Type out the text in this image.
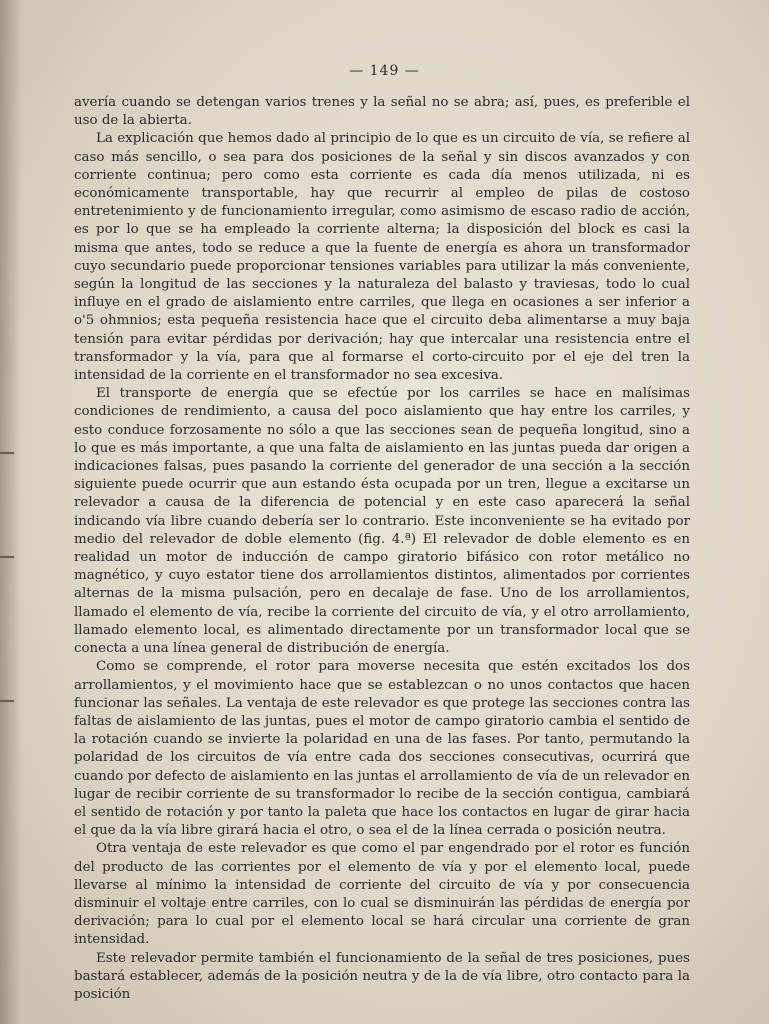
— 149 —

avería cuando se detengan varios trenes y la señal no se abra; así, pues, es preferible el uso de la abierta.

La explicación que hemos dado al principio de lo que es un circuito de vía, se refiere al caso más sencillo, o sea para dos posiciones de la señal y sin discos avanzados y con corriente continua; pero como esta corriente es cada día menos utilizada, ni es económicamente transportable, hay que recurrir al empleo de pilas de costoso entretenimiento y de funcionamiento irregular, como asimismo de escaso radio de acción, es por lo que se ha empleado la corriente alterna; la disposición del block es casi la misma que antes, todo se reduce a que la fuente de energía es ahora un transformador cuyo secundario puede proporcionar tensiones variables para utilizar la más conveniente, según la longitud de las secciones y la naturaleza del balasto y traviesas, todo lo cual influye en el grado de aislamiento entre carriles, que llega en ocasiones a ser inferior a o'5 ohmnios; esta pequeña resistencia hace que el circuito deba alimentarse a muy baja tensión para evitar pérdidas por derivación; hay que intercalar una resistencia entre el transformador y la vía, para que al formarse el corto-circuito por el eje del tren la intensidad de la corriente en el transformador no sea excesiva.

El transporte de energía que se efectúe por los carriles se hace en malísimas condiciones de rendimiento, a causa del poco aislamiento que hay entre los carriles, y esto conduce forzosamente no sólo a que las secciones sean de pequeña longitud, sino a lo que es más importante, a que una falta de aislamiento en las juntas pueda dar origen a indicaciones falsas, pues pasando la corriente del generador de una sección a la sección siguiente puede ocurrir que aun estando ésta ocupada por un tren, llegue a excitarse un relevador a causa de la diferencia de potencial y en este caso aparecerá la señal indicando vía libre cuando debería ser lo contrario. Este inconveniente se ha evitado por medio del relevador de doble elemento (fig. 4.ª) El relevador de doble elemento es en realidad un motor de inducción de campo giratorio bifásico con rotor metálico no magnético, y cuyo estator tiene dos arrollamientos distintos, alimentados por corrientes alternas de la misma pulsación, pero en decalaje de fase. Uno de los arrollamientos, llamado el elemento de vía, recibe la corriente del circuito de vía, y el otro arrollamiento, llamado elemento local, es alimentado directamente por un transformador local que se conecta a una línea general de distribución de energía.

Como se comprende, el rotor para moverse necesita que estén excitados los dos arrollamientos, y el movimiento hace que se establezcan o no unos contactos que hacen funcionar las señales. La ventaja de este relevador es que protege las secciones contra las faltas de aislamiento de las juntas, pues el motor de campo giratorio cambia el sentido de la rotación cuando se invierte la polaridad en una de las fases. Por tanto, permutando la polaridad de los circuitos de vía entre cada dos secciones consecutivas, ocurrirá que cuando por defecto de aislamiento en las juntas el arrollamiento de vía de un relevador en lugar de recibir corriente de su transformador lo recibe de la sección contigua, cambiará el sentido de rotación y por tanto la paleta que hace los contactos en lugar de girar hacia el que da la vía libre girará hacia el otro, o sea el de la línea cerrada o posición neutra.

Otra ventaja de este relevador es que como el par engendrado por el rotor es función del producto de las corrientes por el elemento de vía y por el elemento local, puede llevarse al mínimo la intensidad de corriente del circuito de vía y por consecuencia disminuir el voltaje entre carriles, con lo cual se disminuirán las pérdidas de energía por derivación; para lo cual por el elemento local se hará circular una corriente de gran intensidad.

Este relevador permite también el funcionamiento de la señal de tres posiciones, pues bastará establecer, además de la posición neutra y de la de vía libre, otro contacto para la posición
